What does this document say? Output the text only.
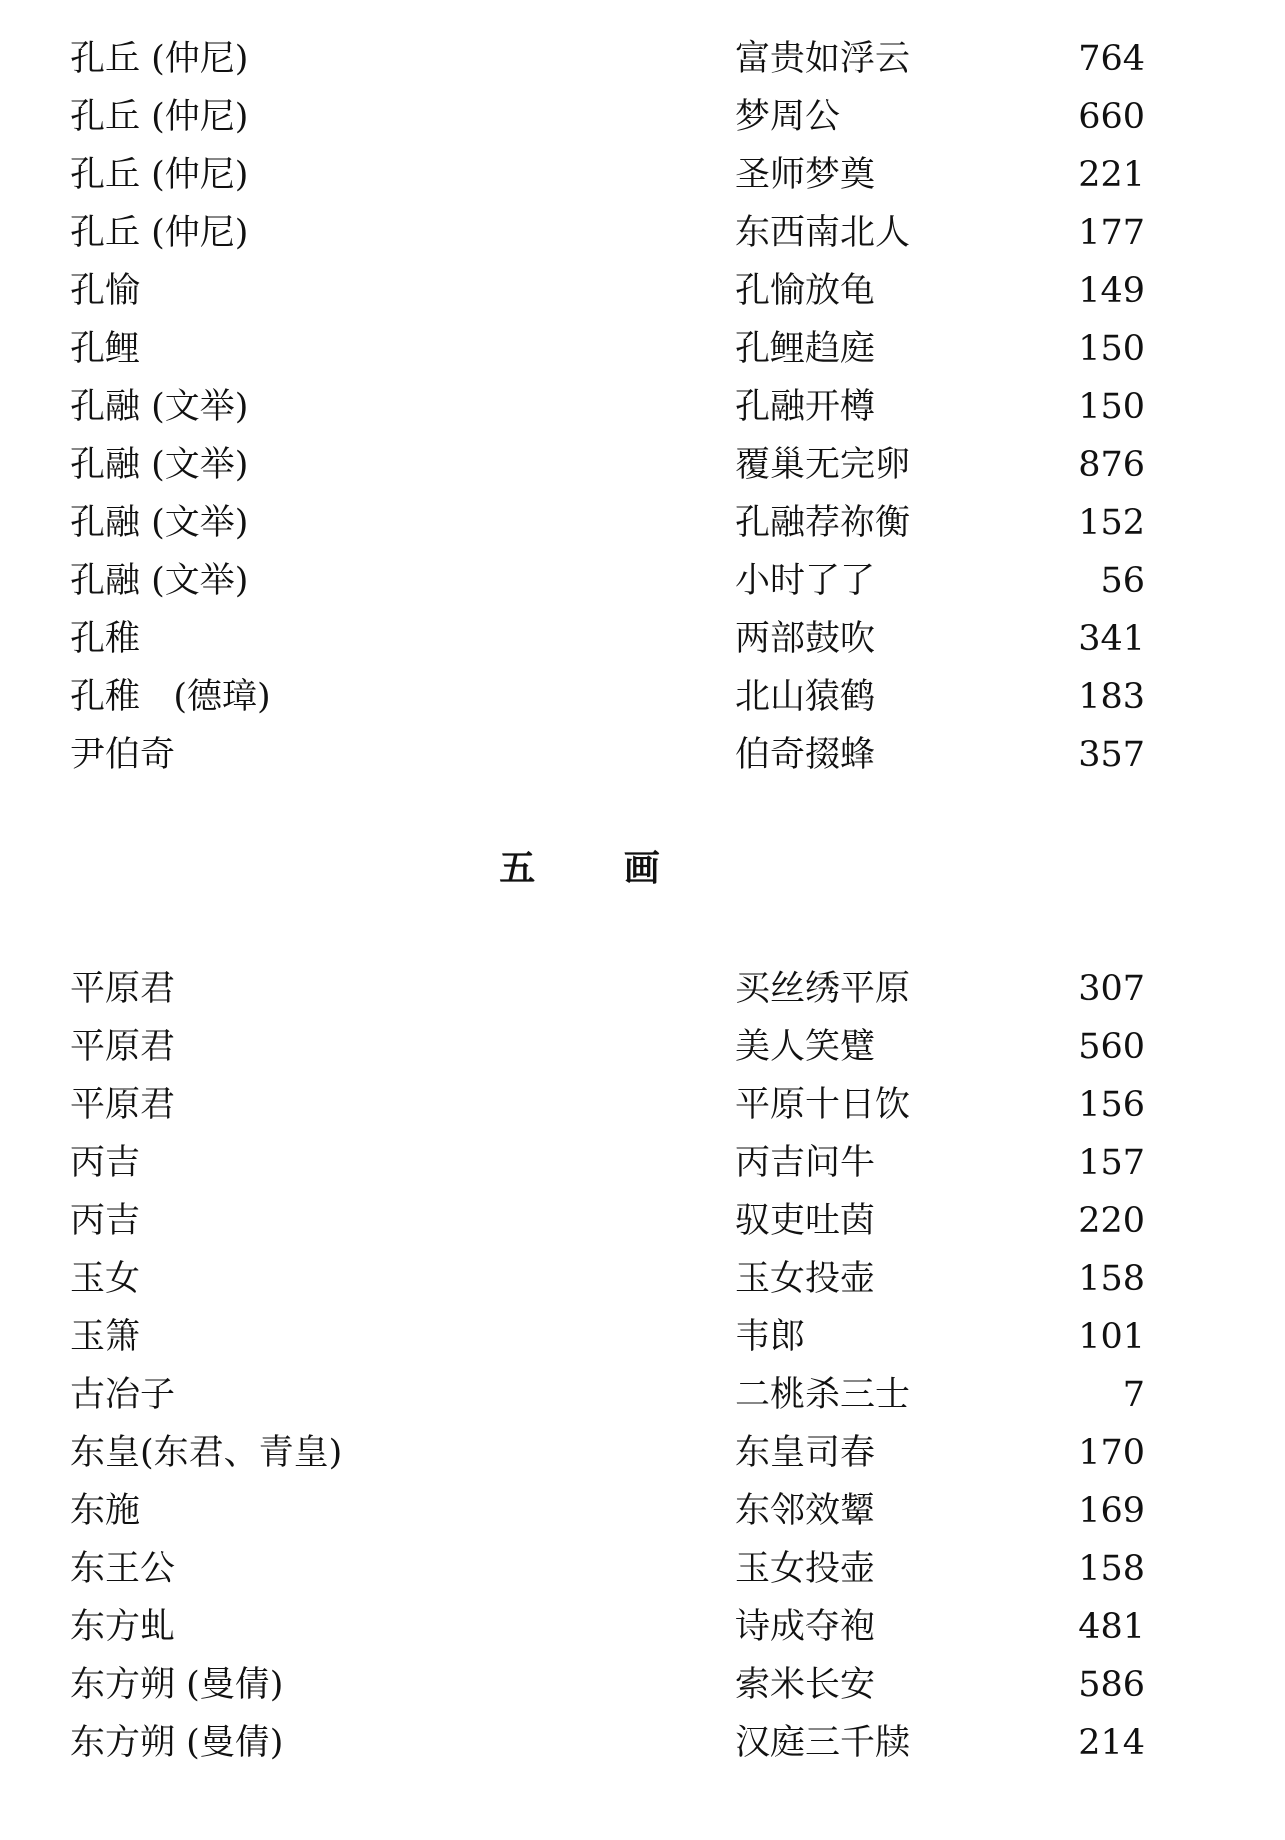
孔丘 (仲尼)	富贵如浮云	764
孔丘 (仲尼)	梦周公	660
孔丘 (仲尼)	圣师梦奠	221
孔丘 (仲尼)	东西南北人	177
孔愉	孔愉放龟	149
孔鲤	孔鲤趋庭	150
孔融 (文举)	孔融开樽	150
孔融 (文举)	覆巢无完卵	876
孔融 (文举)	孔融荐祢衡	152
孔融 (文举)	小时了了	56
孔稚	两部鼓吹	341
孔稚   (德璋)	北山猿鹤	183
尹伯奇	伯奇掇蜂	357
五 画
平原君	买丝绣平原	307
平原君	美人笑躄	560
平原君	平原十日饮	156
丙吉	丙吉问牛	157
丙吉	驭吏吐茵	220
玉女	玉女投壶	158
玉箫	韦郎	101
古冶子	二桃杀三士	7
东皇(东君、青皇)	东皇司春	170
东施	东邻效颦	169
东王公	玉女投壶	158
东方虬	诗成夺袍	481
东方朔 (曼倩)	索米长安	586
东方朔 (曼倩)	汉庭三千牍	214
